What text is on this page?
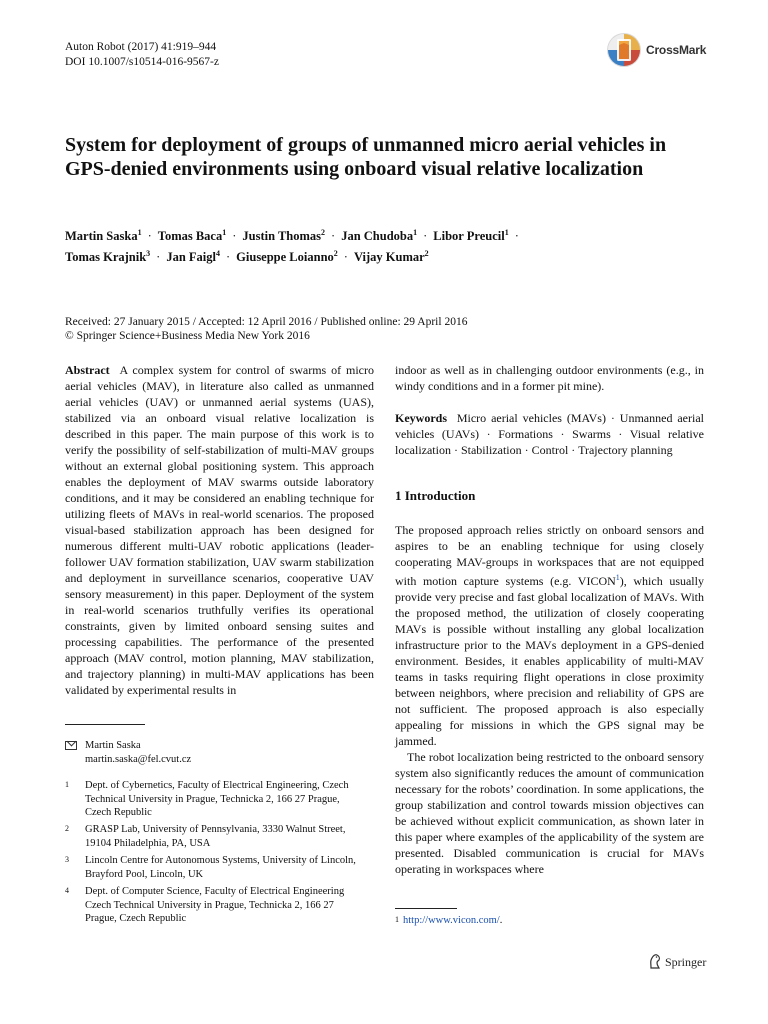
Auton Robot (2017) 41:919–944
DOI 10.1007/s10514-016-9567-z
CrossMark
System for deployment of groups of unmanned micro aerial vehicles in GPS-denied environments using onboard visual relative localization
Martin Saska$^1$ · Tomas Baca$^1$ · Justin Thomas$^2$ · Jan Chudoba$^1$ · Libor Preucil$^1$ ·
Tomas Krajnik$^3$ · Jan Faigl$^4$ · Giuseppe Loianno$^2$ · Vijay Kumar$^2$
Received: 27 January 2015 / Accepted: 12 April 2016 / Published online: 29 April 2016
© Springer Science+Business Media New York 2016

Abstract A complex system for control of swarms of micro aerial vehicles (MAV), in literature also called as unmanned aerial vehicles (UAV) or unmanned aerial systems (UAS), stabilized via an onboard visual relative localization is described in this paper. The main purpose of this work is to verify the possibility of self-stabilization of multi-MAV groups without an external global positioning system. This approach enables the deployment of MAV swarms outside laboratory conditions, and it may be considered an enabling technique for utilizing fleets of MAVs in real-world scenarios. The proposed visual-based stabilization approach has been designed for numerous different multi-UAV robotic applications (leader-follower UAV formation stabilization, UAV swarm stabilization and deployment in surveillance scenarios, cooperative UAV sensory measurement) in this paper. Deployment of the system in real-world scenarios truthfully verifies its operational constraints, given by limited onboard sensing suites and processing capabilities. The performance of the presented approach (MAV control, motion planning, MAV stabilization, and trajectory planning) in multi-MAV applications has been validated by experimental results in

Martin Saska
martin.saska@fel.cvut.cz
1 Dept. of Cybernetics, Faculty of Electrical Engineering, Czech Technical University in Prague, Technicka 2, 166 27 Prague, Czech Republic
2 GRASP Lab, University of Pennsylvania, 3330 Walnut Street, 19104 Philadelphia, PA, USA
3 Lincoln Centre for Autonomous Systems, University of Lincoln, Brayford Pool, Lincoln, UK
4 Dept. of Computer Science, Faculty of Electrical Engineering Czech Technical University in Prague, Technicka 2, 166 27 Prague, Czech Republic

indoor as well as in challenging outdoor environments (e.g., in windy conditions and in a former pit mine).

Keywords Micro aerial vehicles (MAVs) · Unmanned aerial vehicles (UAVs) · Formations · Swarms · Visual relative localization · Stabilization · Control · Trajectory planning

1 Introduction

The proposed approach relies strictly on onboard sensors and aspires to be an enabling technique for using closely cooperating MAV-groups in workspaces that are not equipped with motion capture systems (e.g. VICON$^1$), which usually provide very precise and fast global localization of MAVs. With the proposed method, the utilization of closely cooperating MAVs is possible without installing any global localization infrastructure prior to the MAVs deployment in a GPS-denied environment. Besides, it enables applicability of multi-MAV teams in tasks requiring flight operations in close proximity between neighbors, where precision and reliability of GPS are not sufficient. The proposed approach is also especially appealing for missions in which the GPS signal may be jammed.

The robot localization being restricted to the onboard sensory system also significantly reduces the amount of communication necessary for the robots’ coordination. In some applications, the group stabilization and control towards mission objectives can be achieved without explicit communication, as shown later in this paper where examples of the applicability of the system are presented. Disabled communication is crucial for MAVs operating in workspaces where

1 http://www.vicon.com/.
Springer
